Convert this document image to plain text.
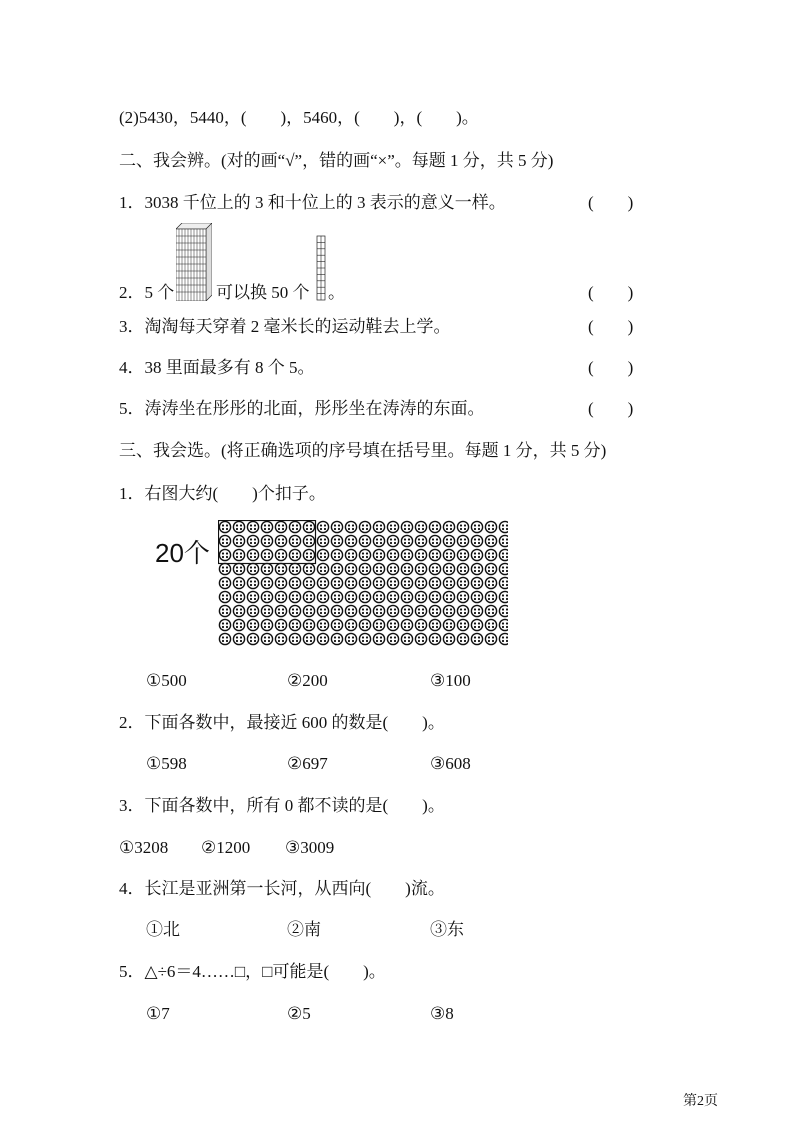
(2)5430，5440，(　　)，5460，(　　)，(　　)。
二、我会辨。(对的画“√”，错的画“×”。每题 1 分，共 5 分)
1．3038 千位上的 3 和十位上的 3 表示的意义一样。	(　　)
2．5 个 可以换 50 个 。	(　　)
3．淘淘每天穿着 2 毫米长的运动鞋去上学。	(　　)
4．38 里面最多有 8 个 5。	(　　)
5．涛涛坐在彤彤的北面，彤彤坐在涛涛的东面。	(　　)
三、我会选。(将正确选项的序号填在括号里。每题 1 分，共 5 分)
1．右图大约(　　)个扣子。
20个
①500	②200	③100
2．下面各数中，最接近 600 的数是(　　)。
①598	②697	③608
3．下面各数中，所有 0 都不读的是(　　)。
①3208 ②1200 ③3009
4．长江是亚洲第一长河，从西向(　　)流。
①北	②南	③东
5．△÷6＝4……□，□可能是(　　)。
①7	②5	③8
第2页
